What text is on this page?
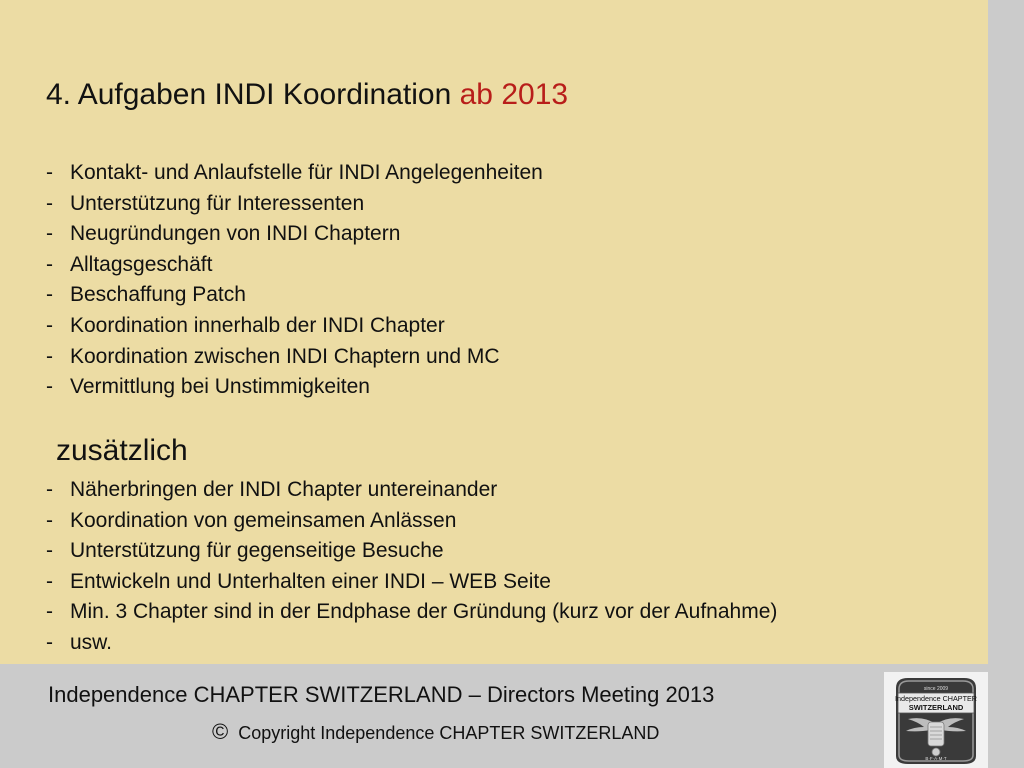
4. Aufgaben INDI Koordination ab 2013
- Kontakt- und Anlaufstelle für INDI Angelegenheiten
- Unterstützung für Interessenten
- Neugründungen von INDI Chaptern
- Alltagsgeschäft
- Beschaffung Patch
- Koordination innerhalb der INDI Chapter
- Koordination zwischen INDI Chaptern und MC
- Vermittlung bei Unstimmigkeiten
zusätzlich
- Näherbringen der INDI Chapter untereinander
- Koordination von gemeinsamen Anlässen
- Unterstützung für gegenseitige Besuche
- Entwickeln und Unterhalten einer INDI – WEB Seite
- Min. 3 Chapter sind in der Endphase der Gründung (kurz vor der Aufnahme)
- usw.
Independence CHAPTER SWITZERLAND – Directors Meeting 2013
© Copyright Independence CHAPTER SWITZERLAND
since 2009
Independence CHAPTER
SWITZERLAND
B·F·A·M·T
